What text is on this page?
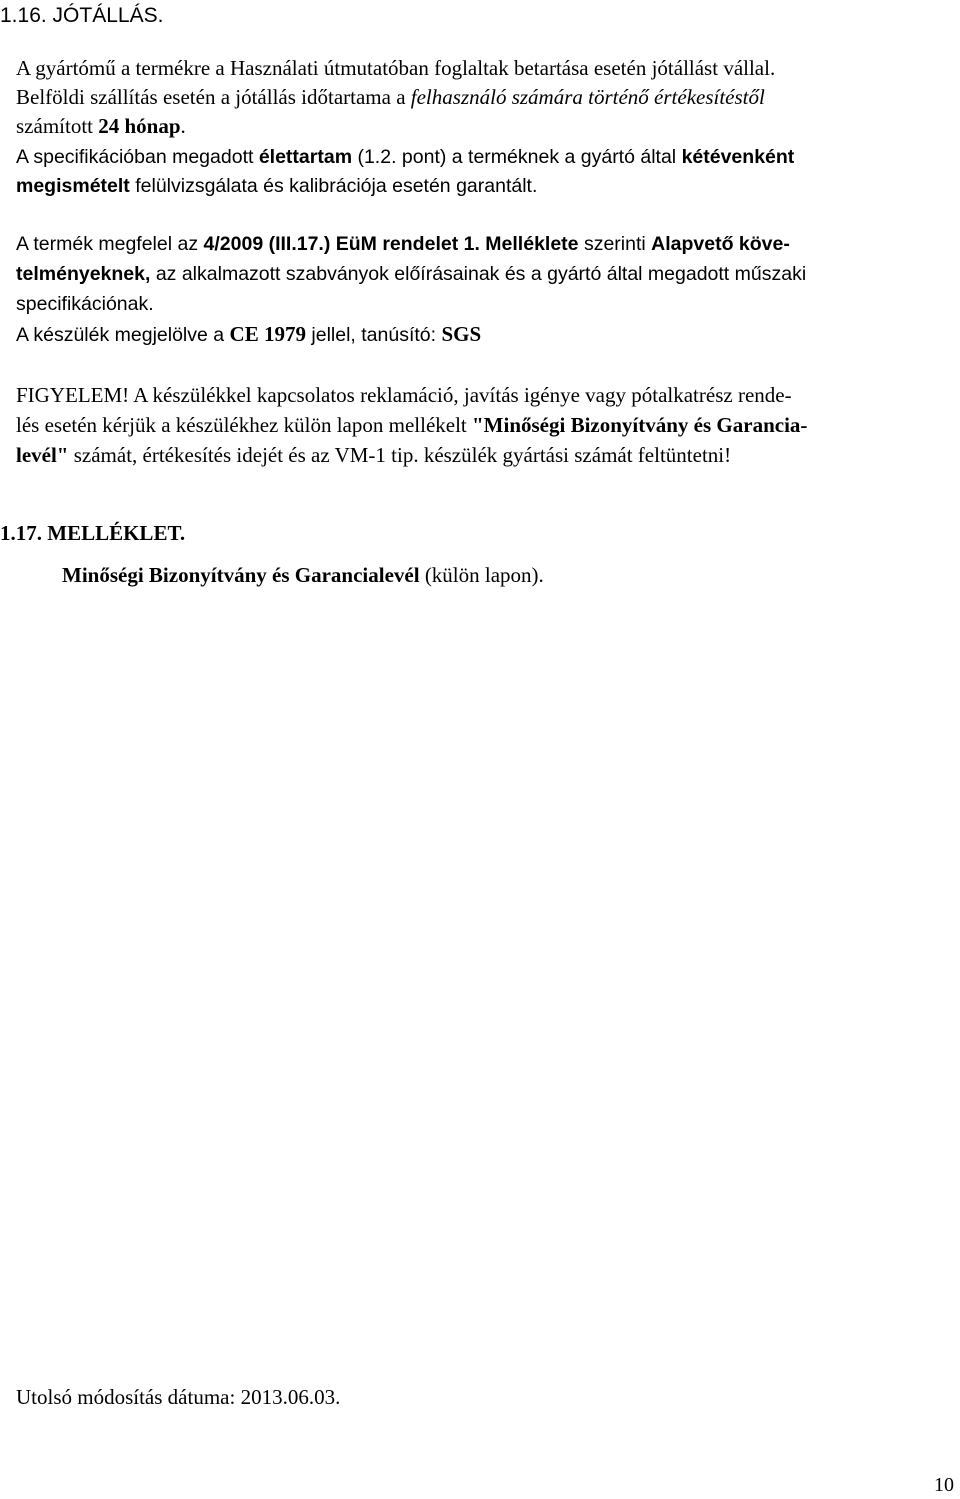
1.16. JÓTÁLLÁS.
A gyártómű a termékre a Használati útmutatóban foglaltak betartása esetén jótállást vállal.
Belföldi szállítás esetén a jótállás időtartama a felhasználó számára történő értékesítéstől
számított 24 hónap.
A specifikációban megadott élettartam (1.2. pont) a terméknek a gyártó által kétévenként
megismételt felülvizsgálata és kalibrációja esetén garantált.
A termék megfelel az 4/2009 (III.17.) EüM rendelet 1. Melléklete szerinti Alapvető köve-
telményeknek, az alkalmazott szabványok előírásainak és a gyártó által megadott műszaki
specifikációnak.
A készülék megjelölve a CE 1979 jellel, tanúsító: SGS
FIGYELEM! A készülékkel kapcsolatos reklamáció, javítás igénye vagy pótalkatrész rende-
lés esetén kérjük a készülékhez külön lapon mellékelt "Minőségi Bizonyítvány és Garancia-
levél" számát, értékesítés idejét és az VM-1 tip. készülék gyártási számát feltüntetni!
1.17. MELLÉKLET.
Minőségi Bizonyítvány és Garancialevél (külön lapon).
Utolsó módosítás dátuma: 2013.06.03.
10
